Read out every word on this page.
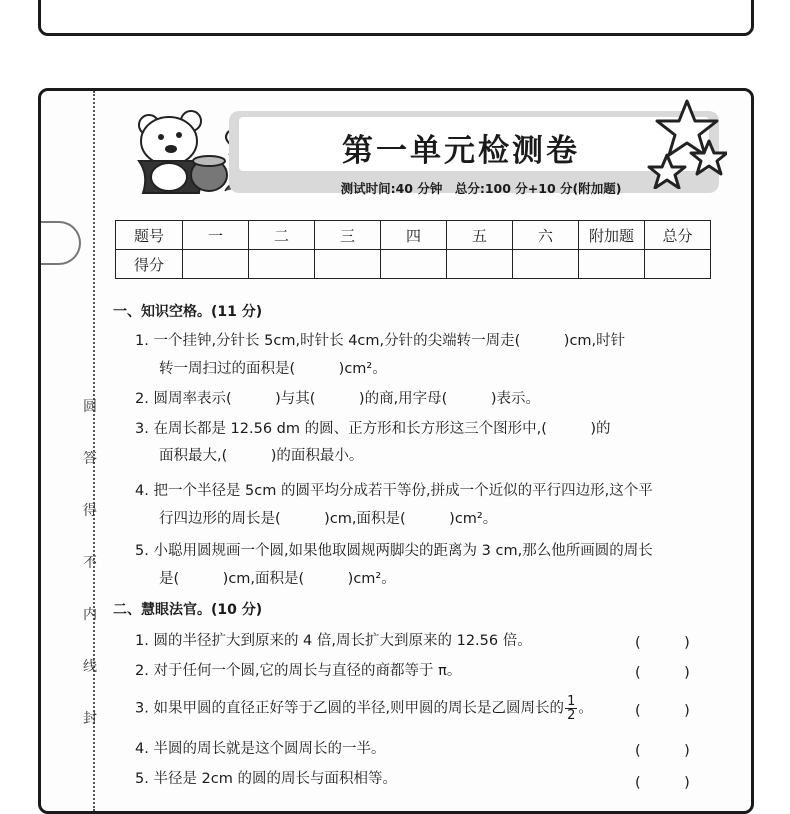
圆
答
得
不
内
线
封
第一单元检测卷
测试时间:40 分钟　总分:100 分+10 分(附加题)
题号	一	二	三	四	五	六	附加题	总分
得分								
一、知识空格。(11 分)
1. 一个挂钟,分针长 5cm,时针长 4cm,分针的尖端转一周走(　　　)cm,时针
转一周扫过的面积是(　　　)cm²。
2. 圆周率表示(　　　)与其(　　　)的商,用字母(　　　)表示。
3. 在周长都是 12.56 dm 的圆、正方形和长方形这三个图形中,(　　　)的
面积最大,(　　　)的面积最小。
4. 把一个半径是 5cm 的圆平均分成若干等份,拼成一个近似的平行四边形,这个平
行四边形的周长是(　　　)cm,面积是(　　　)cm²。
5. 小聪用圆规画一个圆,如果他取圆规两脚尖的距离为 3 cm,那么他所画圆的周长
是(　　　)cm,面积是(　　　)cm²。
二、慧眼法官。(10 分)
1. 圆的半径扩大到原来的 4 倍,周长扩大到原来的 12.56 倍。	(　　　)
2. 对于任何一个圆,它的周长与直径的商都等于 π。	(　　　)
3. 如果甲圆的直径正好等于乙圆的半径,则甲圆的周长是乙圆周长的 $\frac{1}{2}$ 。	(　　　)
4. 半圆的周长就是这个圆周长的一半。	(　　　)
5. 半径是 2cm 的圆的周长与面积相等。	(　　　)
